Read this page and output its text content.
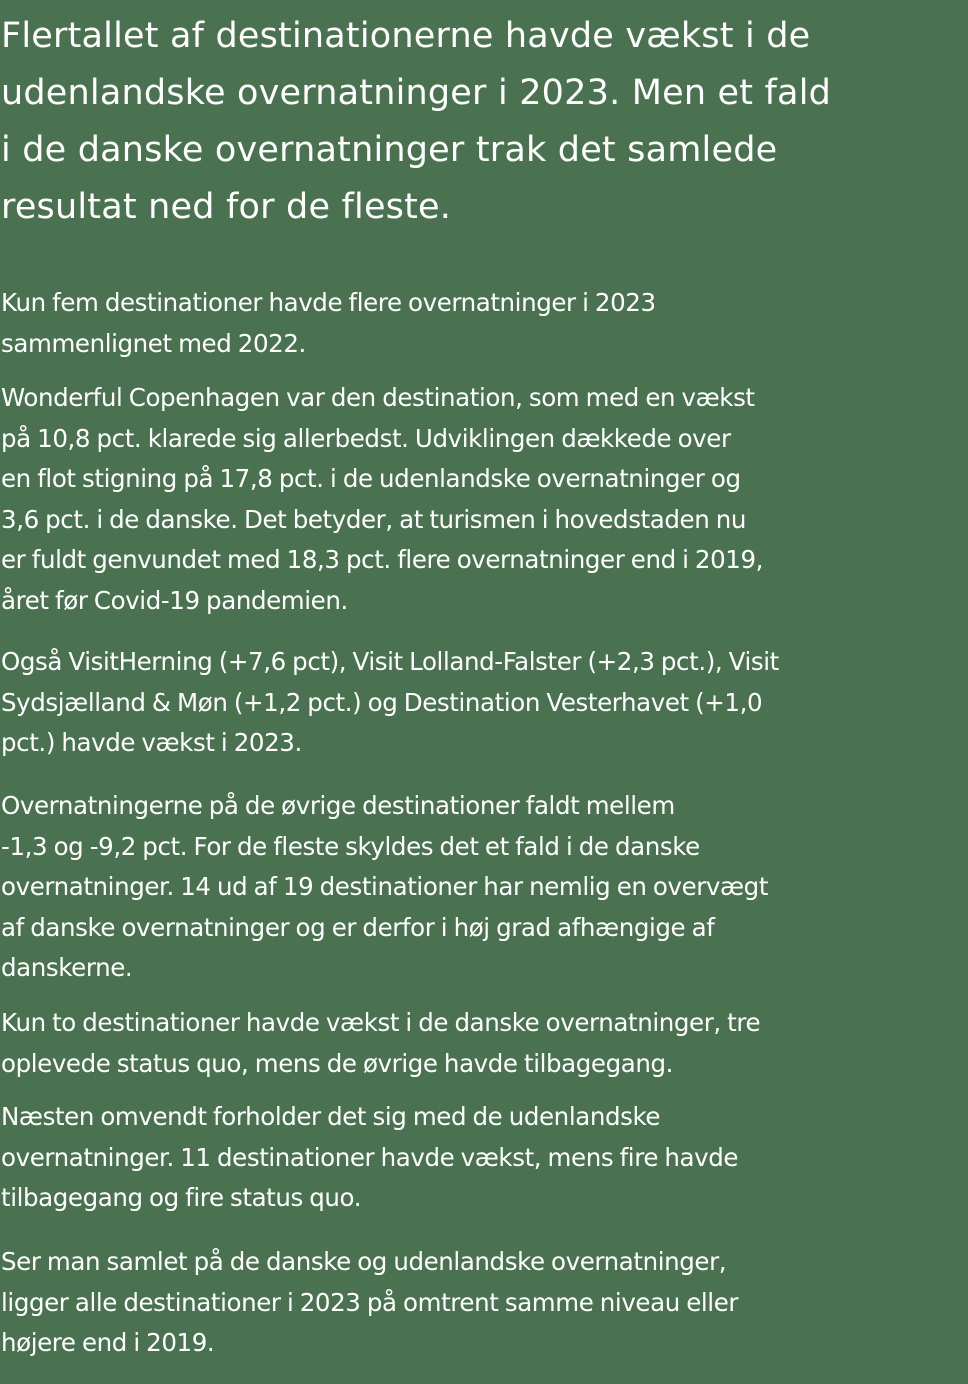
Flertallet af destinationerne havde vækst i de
udenlandske overnatninger i 2023. Men et fald
i de danske overnatninger trak det samlede
resultat ned for de fleste.

Kun fem destinationer havde flere overnatninger i 2023
sammenlignet med 2022.

Wonderful Copenhagen var den destination, som med en vækst
på 10,8 pct. klarede sig allerbedst. Udviklingen dækkede over
en flot stigning på 17,8 pct. i de udenlandske overnatninger og
3,6 pct. i de danske. Det betyder, at turismen i hovedstaden nu
er fuldt genvundet med 18,3 pct. flere overnatninger end i 2019,
året før Covid-19 pandemien.

Også VisitHerning (+7,6 pct), Visit Lolland-Falster (+2,3 pct.), Visit
Sydsjælland & Møn (+1,2 pct.) og Destination Vesterhavet (+1,0
pct.) havde vækst i 2023.

Overnatningerne på de øvrige destinationer faldt mellem
-1,3 og -9,2 pct. For de fleste skyldes det et fald i de danske
overnatninger. 14 ud af 19 destinationer har nemlig en overvægt
af danske overnatninger og er derfor i høj grad afhængige af
danskerne.

Kun to destinationer havde vækst i de danske overnatninger, tre
oplevede status quo, mens de øvrige havde tilbagegang.

Næsten omvendt forholder det sig med de udenlandske
overnatninger. 11 destinationer havde vækst, mens fire havde
tilbagegang og fire status quo.

Ser man samlet på de danske og udenlandske overnatninger,
ligger alle destinationer i 2023 på omtrent samme niveau eller
højere end i 2019.
